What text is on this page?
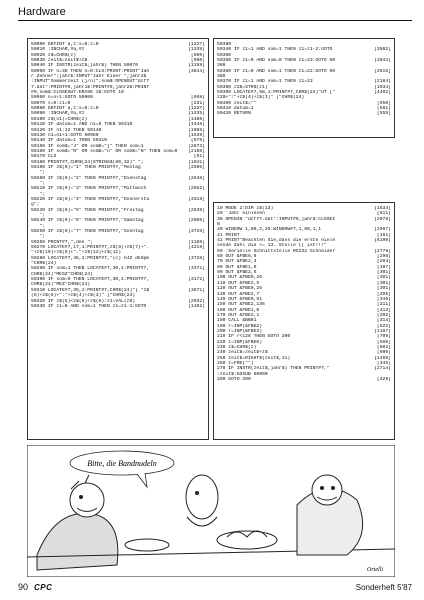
Hardware
50000 DEFINT a,z:s=0:z=0	[1227]
50010 :INCHAR,#a,#z	[1339]
50020 z$=CHR$(z)	[600]
50030 zeit$=zeit$+z$	[980]
50040 IF INSTR(zeit$,jahr$) THEN 50070	[1159]
50050 IF n=38 THEN n=0:CLS:PRINT:PRINT"Jah	[3844]
r Zehner";jahr$:INPUT"Jahr Einer ";jahr2$
:INPUT"Sommerzeit (j/n)";som$:OPENOUT"dcf7
7.dat":PRINT#9,jahr1$:PRINT#9,jahr2$:PRINT
#9,som$:CLOSEOUT:ERASE z$:GOTO 10
50060 n=n+1:GOTO 50000	[668]
50070 s=0:z1=0	[231]
50080 DEFINT a,z:s=0:z=0	[1227]
50090 :INCHAR,#a,#z	[1335]
50100 z$(n1)=CHR$(z)	[1486]
50110 IF datum=1 AND n1=6 THEN 50310	[1448]
50120 IF n1:12 THEN 50140	[1066]
50130 n1=n1+1:GOTO 50080	[1539]
50140 IF datum=1 THEN 50310	[679]
50150 IF som$="J" OR som$="j" THEN som=1	[2873]
50160 IF som$="N" OR som$="n" OR som$="N" THEN som=0	[2160]
50170 CLS	[91]
50180 PRINT#7,CHR$(24)STRING$(80,32)" ";	[1941]
50190 IF z$(0)="1" THEN PRINT#7,"Montag	[2596]
";
50200 IF z$(0)="2" THEN PRINT#7,"Dienstag	[2648]
";
50210 IF z$(0)="3" THEN PRINT#7,"Mittwoch	[2662]
";
50220 IF z$(0)="4" THEN PRINT#7,"Donnersta	[3319]
g";
50230 IF z$(0)="5" THEN PRINT#7,"Freitag	[2639]
";
50240 IF z$(0)="6" THEN PRINT#7,"Samstag	[2806]
";
50250 IF z$(0)="7" THEN PRINT#7,"Sonntag	[3726]
";
50260 PRINT#7,",den ";	[1188]
50270 LOCATE#7,17,1:PRINT#7,z$(8)+z$(7)+".	[4219]
"+z$(10)+z$(9)+"."+z$(12)+z$(11)
50280 LOCATE#7,46,1:PRINT#7,"(c) HJZ dk9pm	[3728]
"CHR$(24)
50290 IF som=1 THEN LOCATE#7,30,1:PRINT#7,	[3371]
CHR$(24)"MESZ"CHR$(24)
50300 IF som=0 THEN LOCATE#7,30,1:PRINT#7,	[3172]
CHR$(24)"MEZ"CHR$(24)
50310 LOCATE#7,35,1:PRINT#7,CHR$(24)"[ "z$	[3671]
(6)+z$(5)+":"+z$(4)+z$(3)" ]"CHR$(24)
50320 IF z$(5)<z$(6)+z$(5):z1=VAL(z$)	[2032]
50330 IF z1=0 AND som=1 THEN z1=z1-1:GOTO	[1102]
50380
50340 IF z1=1 AND som=1 THEN z1=z1-2:GOTO	[3502]
50380
50350 IF z1=0 AND som=0 THEN z1=23:GOTO 50	[2844]
380
50360 IF z1=0 AND som=1 THEN z1=22:GOTO 50	[2615]
380
50370 IF z1=1 AND som=1 THEN z1=23	[2184]
50380 z2$=STR$(z1)	[1034]
50390 LOCATE#7,68,1:PRINT#7,CHR$(24)"UT ["	[4492]
z2$+":"+z$(4)+z$(3)" ]"CHR$(24)
50400 zeit$=""	[650]
50410 datum=1	[581]
50420 RETURN	[555]
10 MODE 2:DIM z$(13)	[1634]
20 'Jahr einlesen	[611]
30 OPENIN "dcf77.dat":INPUT#9,jahr$:CLOSEI	[2078]
N
40 WINDOW 1,80,2,25:WINDOW#7,1,80,1,1	[2987]
41 PRINT	[161]
42 PRINT"Beachten Sie,dass die erste einle	[6190]
sende Zahl die >= 13. Stelle (( ist!!!"
50 'Serielle Schnittstelle RS232 Schneider	[2778]
60 OUT &FBE6,6	[296]
70 OUT &FBE2,3	[204]
80 OUT &FBE1,0	[187]
90 OUT &FBE2,5	[301]
100 OUT &FBE0,26	[301]
110 OUT &FBE2,5	[301]
120 OUT &FBE0,26	[301]
130 OUT &FBE2,7	[295]
140 OUT &FBE0,51	[346]
150 OUT &FBE2,136	[211]
160 OUT &FBE1,0	[413]
170 OUT &FBE2,1	[202]
180 CALL &BB81	[314]
190 r=INP(&FBE2)	[522]
200 r=INP(&FBE3)	[1187]
210 IF r<128 THEN GOTO 200	[709]
220 z=INP(&FBE0)	[560]
230 z$=CHR$(z)	[602]
240 zeit$=zeit$+z$	[980]
250 zeit$=RIGHT$(zeit$,11)	[1468]
260 z=FRE("")	[345]
270 IF INSTR(zeit$,jahr$) THEN PRINT#7,"	[2714]
:zeit$:GOSUB 50000
280 GOTO 200	[429]
Bitte, die Bandnudeln
Ortelli
90 CPC	Sonderheft 5'87
